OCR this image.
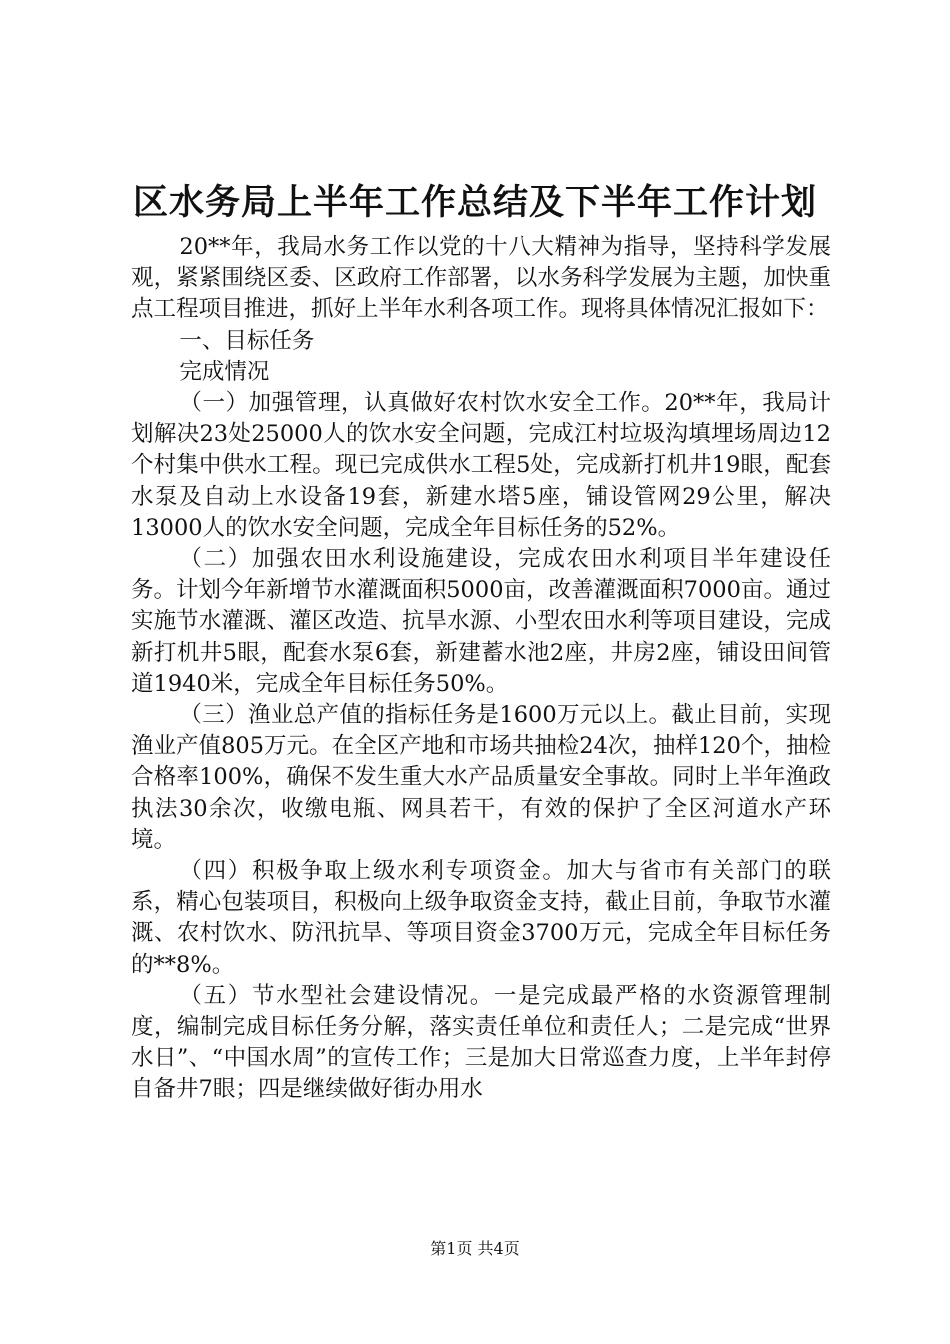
区水务局上半年工作总结及下半年工作计划

20**年，我局水务工作以党的十八大精神为指导，坚持科学发展观，紧紧围绕区委、区政府工作部署，以水务科学发展为主题，加快重点工程项目推进，抓好上半年水利各项工作。现将具体情况汇报如下：

一、目标任务

完成情况

（一）加强管理，认真做好农村饮水安全工作。20**年，我局计划解决23处25000人的饮水安全问题，完成江村垃圾沟填埋场周边12个村集中供水工程。现已完成供水工程5处，完成新打机井19眼，配套水泵及自动上水设备19套，新建水塔5座，铺设管网29公里，解决13000人的饮水安全问题，完成全年目标任务的52%。

（二）加强农田水利设施建设，完成农田水利项目半年建设任务。计划今年新增节水灌溉面积5000亩，改善灌溉面积7000亩。通过实施节水灌溉、灌区改造、抗旱水源、小型农田水利等项目建设，完成新打机井5眼，配套水泵6套，新建蓄水池2座，井房2座，铺设田间管道1940米，完成全年目标任务50%。

（三）渔业总产值的指标任务是1600万元以上。截止目前，实现渔业产值805万元。在全区产地和市场共抽检24次，抽样120个，抽检合格率100%，确保不发生重大水产品质量安全事故。同时上半年渔政执法30余次，收缴电瓶、网具若干，有效的保护了全区河道水产环境。

（四）积极争取上级水利专项资金。加大与省市有关部门的联系，精心包装项目，积极向上级争取资金支持，截止目前，争取节水灌溉、农村饮水、防汛抗旱、等项目资金3700万元，完成全年目标任务的**8%。

（五）节水型社会建设情况。一是完成最严格的水资源管理制度，编制完成目标任务分解，落实责任单位和责任人；二是完成“世界水日”、“中国水周”的宣传工作；三是加大日常巡查力度，上半年封停自备井7眼；四是继续做好街办用水

第1页 共4页
